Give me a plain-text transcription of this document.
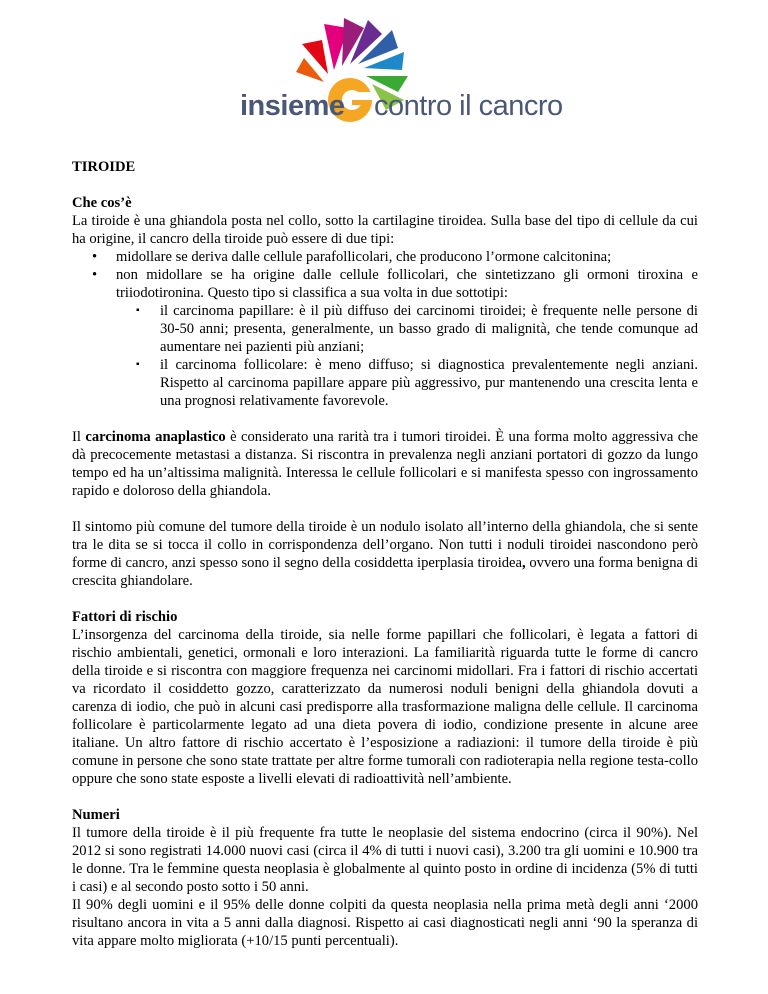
insieme contro il cancro
TIROIDE
Che cos’è

La tiroide è una ghiandola posta nel collo, sotto la cartilagine tiroidea. Sulla base del tipo di cellule da cui ha origine, il cancro della tiroide può essere di due tipi:

• midollare se deriva dalle cellule parafollicolari, che producono l’ormone calcitonina;
• non midollare se ha origine dalle cellule follicolari, che sintetizzano gli ormoni tiroxina e triiodotironina. Questo tipo si classifica a sua volta in due sottotipi:
▪ il carcinoma papillare: è il più diffuso dei carcinomi tiroidei; è frequente nelle persone di 30-50 anni; presenta, generalmente, un basso grado di malignità, che tende comunque ad aumentare nei pazienti più anziani;
▪ il carcinoma follicolare: è meno diffuso; si diagnostica prevalentemente negli anziani. Rispetto al carcinoma papillare appare più aggressivo, pur mantenendo una crescita lenta e una prognosi relativamente favorevole.

Il carcinoma anaplastico è considerato una rarità tra i tumori tiroidei. È una forma molto aggressiva che dà precocemente metastasi a distanza. Si riscontra in prevalenza negli anziani portatori di gozzo da lungo tempo ed ha un’altissima malignità. Interessa le cellule follicolari e si manifesta spesso con ingrossamento rapido e doloroso della ghiandola.

Il sintomo più comune del tumore della tiroide è un nodulo isolato all’interno della ghiandola, che si sente tra le dita se si tocca il collo in corrispondenza dell’organo. Non tutti i noduli tiroidei nascondono però forme di cancro, anzi spesso sono il segno della cosiddetta iperplasia tiroidea, ovvero una forma benigna di crescita ghiandolare.

Fattori di rischio

L’insorgenza del carcinoma della tiroide, sia nelle forme papillari che follicolari, è legata a fattori di rischio ambientali, genetici, ormonali e loro interazioni. La familiarità riguarda tutte le forme di cancro della tiroide e si riscontra con maggiore frequenza nei carcinomi midollari. Fra i fattori di rischio accertati va ricordato il cosiddetto gozzo, caratterizzato da numerosi noduli benigni della ghiandola dovuti a carenza di iodio, che può in alcuni casi predisporre alla trasformazione maligna delle cellule. Il carcinoma follicolare è particolarmente legato ad una dieta povera di iodio, condizione presente in alcune aree italiane. Un altro fattore di rischio accertato è l’esposizione a radiazioni: il tumore della tiroide è più comune in persone che sono state trattate per altre forme tumorali con radioterapia nella regione testa-collo oppure che sono state esposte a livelli elevati di radioattività nell’ambiente.

Numeri

Il tumore della tiroide è il più frequente fra tutte le neoplasie del sistema endocrino (circa il 90%). Nel 2012 si sono registrati 14.000 nuovi casi (circa il 4% di tutti i nuovi casi), 3.200 tra gli uomini e 10.900 tra le donne. Tra le femmine questa neoplasia è globalmente al quinto posto in ordine di incidenza (5% di tutti i casi) e al secondo posto sotto i 50 anni.

Il 90% degli uomini e il 95% delle donne colpiti da questa neoplasia nella prima metà degli anni ‘2000 risultano ancora in vita a 5 anni dalla diagnosi. Rispetto ai casi diagnosticati negli anni ‘90 la speranza di vita appare molto migliorata (+10/15 punti percentuali).
